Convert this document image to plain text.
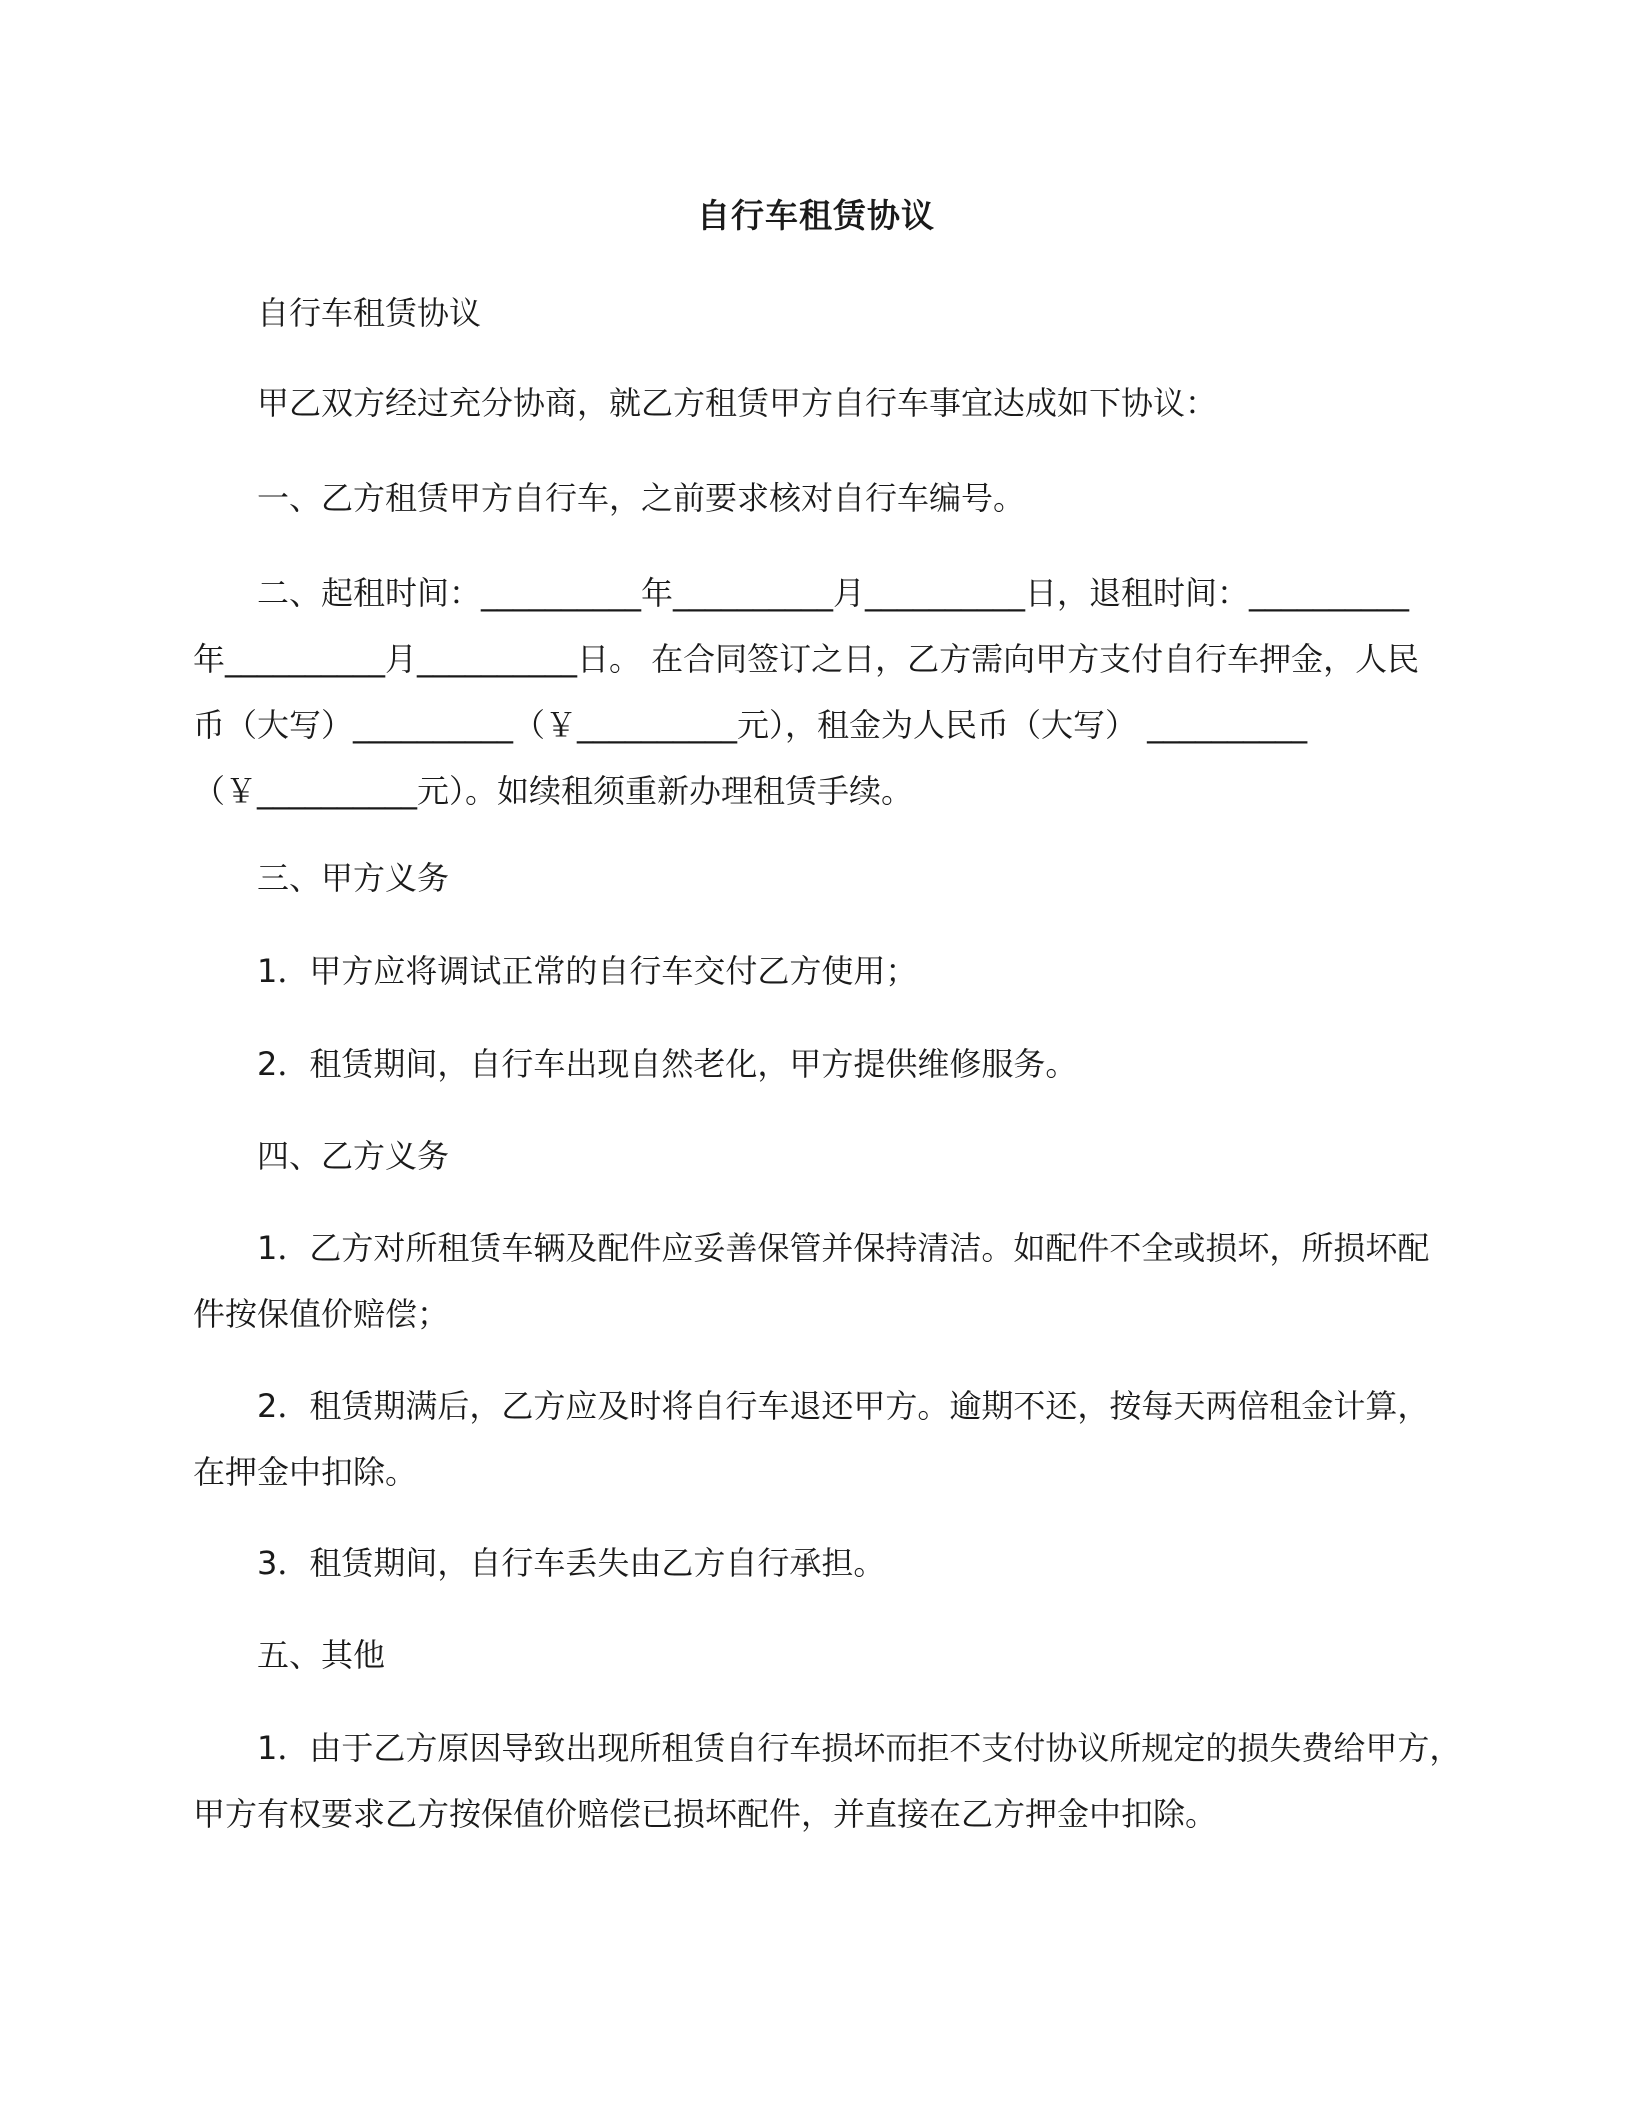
自行车租赁协议

自行车租赁协议

甲乙双方经过充分协商，就乙方租赁甲方自行车事宜达成如下协议：

一、乙方租赁甲方自行车，之前要求核对自行车编号。

二、起租时间：__________年__________月__________日，退租时间：__________
年__________月__________日。 在合同签订之日，乙方需向甲方支付自行车押金，人民
币（大写）__________（￥__________元），租金为人民币（大写） __________
（￥__________元）。如续租须重新办理租赁手续。

三、甲方义务

1．甲方应将调试正常的自行车交付乙方使用；

2．租赁期间，自行车出现自然老化，甲方提供维修服务。

四、乙方义务

1．乙方对所租赁车辆及配件应妥善保管并保持清洁。如配件不全或损坏，所损坏配
件按保值价赔偿；
2．租赁期满后，乙方应及时将自行车退还甲方。逾期不还，按每天两倍租金计算，
在押金中扣除。

3．租赁期间，自行车丢失由乙方自行承担。

五、其他

1．由于乙方原因导致出现所租赁自行车损坏而拒不支付协议所规定的损失费给甲方，
甲方有权要求乙方按保值价赔偿已损坏配件，并直接在乙方押金中扣除。
